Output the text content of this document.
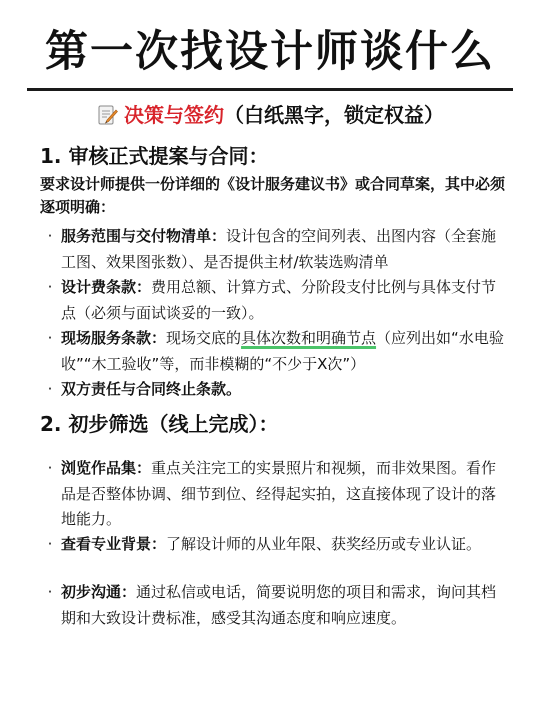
第一次找设计师谈什么
决策与签约（白纸黑字，锁定权益）
1. 审核正式提案与合同：
要求设计师提供一份详细的《设计服务建议书》或合同草案，其中必须逐项明确：
· 服务范围与交付物清单：设计包含的空间列表、出图内容（全套施工图、效果图张数）、是否提供主材/软装选购清单
· 设计费条款：费用总额、计算方式、分阶段支付比例与具体支付节点（必须与面试谈妥的一致）。
· 现场服务条款：现场交底的具体次数和明确节点（应列出如“水电验收”“木工验收”等，而非模糊的“不少于X次”）
· 双方责任与合同终止条款。
2. 初步筛选（线上完成）：
· 浏览作品集：重点关注完工的实景照片和视频，而非效果图。看作品是否整体协调、细节到位、经得起实拍，这直接体现了设计的落地能力。
· 查看专业背景：了解设计师的从业年限、获奖经历或专业认证。
· 初步沟通：通过私信或电话，简要说明您的项目和需求，询问其档期和大致设计费标准，感受其沟通态度和响应速度。
